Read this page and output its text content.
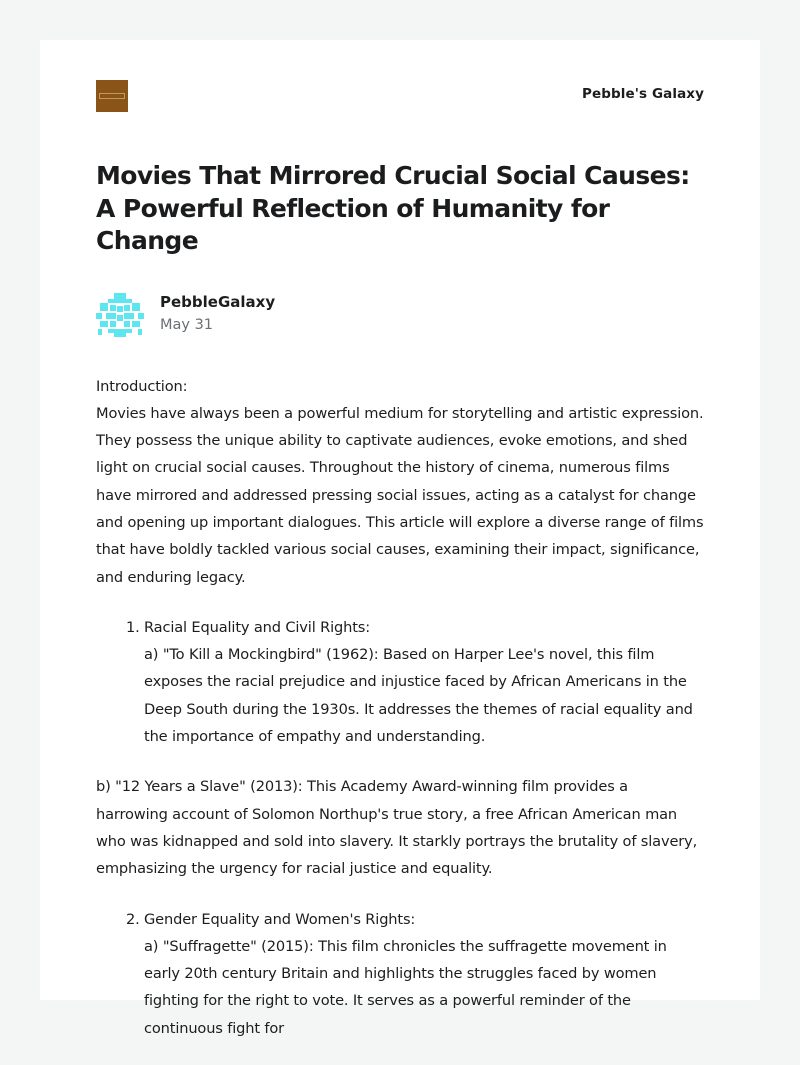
Pebble's Galaxy
Movies That Mirrored Crucial Social Causes: A Powerful Reflection of Humanity for Change
PebbleGalaxy
May 31

Introduction:
Movies have always been a powerful medium for storytelling and artistic expression. They possess the unique ability to captivate audiences, evoke emotions, and shed light on crucial social causes. Throughout the history of cinema, numerous films have mirrored and addressed pressing social issues, acting as a catalyst for change and opening up important dialogues. This article will explore a diverse range of films that have boldly tackled various social causes, examining their impact, significance, and enduring legacy.

1. Racial Equality and Civil Rights:
a) "To Kill a Mockingbird" (1962): Based on Harper Lee's novel, this film exposes the racial prejudice and injustice faced by African Americans in the Deep South during the 1930s. It addresses the themes of racial equality and the importance of empathy and understanding.

b) "12 Years a Slave" (2013): This Academy Award-winning film provides a harrowing account of Solomon Northup's true story, a free African American man who was kidnapped and sold into slavery. It starkly portrays the brutality of slavery, emphasizing the urgency for racial justice and equality.

2. Gender Equality and Women's Rights:
a) "Suffragette" (2015): This film chronicles the suffragette movement in early 20th century Britain and highlights the struggles faced by women fighting for the right to vote. It serves as a powerful reminder of the continuous fight for
